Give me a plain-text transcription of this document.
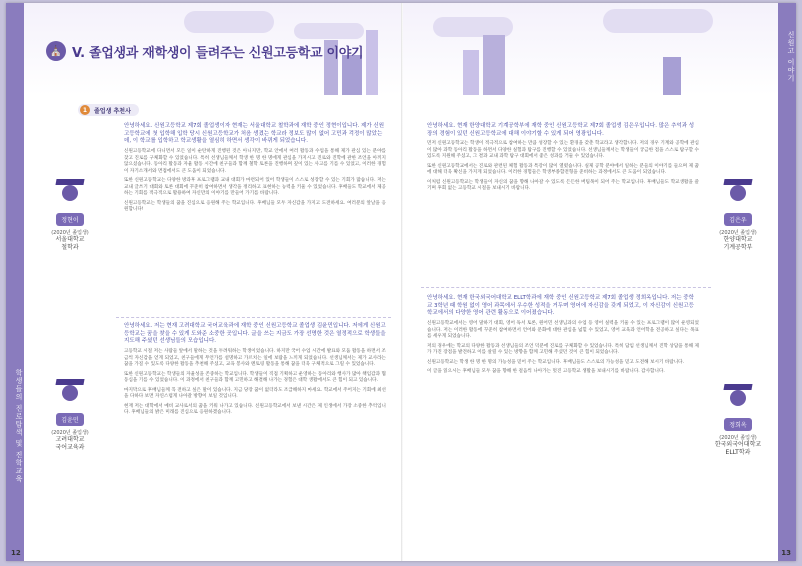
학생들의 진로탐색 및 진학교육
⛪ V. 졸업생과 재학생이 들려주는 신원고등학교 이야기
1	졸업생 추천사
정현이
(2020년 졸업생)
서울대학교
철학과

안녕하세요. 신원고등학교 제7회 졸업생이자 현재는 서울대학교 철학과에 재학 중인 정현이입니다. 제가 신원고등학교에 첫 입학해 입학 당시 신원고등학교가 처음 생겼는 학교라 정보도 많이 없어 고민과 걱정이 많았는데, 이 학교를 입학하고 학교생활을 열심히 하면서 생각이 바뀌게 되었습니다.

신원고등학교에 다니면서 모든 일이 순탄하게 진행된 것은 아니지만, 학교 안에서 여러 활동과 수업을 통해 제가 관심 있는 분야를 찾고 진로를 구체화할 수 있었습니다. 특히 선생님들께서 학생 한 명 한 명에게 관심을 가지시고 진로와 진학에 관한 조언을 아끼지 않으셨습니다. 동아리 활동과 자율 활동 시간에 친구들과 함께 철학 토론을 진행하며 깊이 있는 사고를 기를 수 있었고, 이러한 경험이 자기소개서와 면접에서도 큰 도움이 되었습니다.

또한 신원고등학교는 다양한 방과후 프로그램과 교내 대회가 마련되어 있어 학생들이 스스로 성장할 수 있는 기회가 많습니다. 저는 교내 글쓰기 대회와 토론 대회에 꾸준히 참여하면서 생각을 정리하고 표현하는 능력을 키울 수 있었습니다. 후배들도 학교에서 제공하는 기회를 적극적으로 활용하여 자신만의 이야기를 만들어 가기를 바랍니다.

신원고등학교는 학생들의 꿈을 진심으로 응원해 주는 학교입니다. 후배님들 모두 자신감을 가지고 도전하세요. 여러분의 앞날을 응원합니다!

김윤민
(2020년 졸업생)
고려대학교
국어교육과

안녕하세요. 저는 현재 고려대학교 국어교육과에 재학 중인 신원고등학교 졸업생 김윤민입니다. 저에게 신원고등학교는 꿈을 찾을 수 있게 도와준 소중한 곳입니다. 글을 쓰는 지금도 가장 선명한 것은 열정적으로 학생들을 지도해 주셨던 선생님들의 모습입니다.

고등학교 시절 저는 사람들 앞에서 말하는 것을 두려워하는 학생이었습니다. 하지만 국어 수업 시간에 발표와 모둠 활동을 하면서 조금씩 자신감을 얻게 되었고, 친구들에게 무언가를 설명하고 가르치는 일에 보람을 느끼게 되었습니다. 선생님께서는 제가 교사라는 꿈을 가질 수 있도록 다양한 활동을 추천해 주셨고, 교육 봉사와 멘토링 활동을 통해 꿈을 더욱 구체적으로 그릴 수 있었습니다.

또한 신원고등학교는 학생들의 자율성을 존중하는 학교입니다. 학생들이 직접 기획하고 운영하는 동아리와 행사가 많아 책임감과 협동심을 기를 수 있었습니다. 이 과정에서 친구들과 함께 고민하고 해결해 나가는 경험은 대학 생활에서도 큰 힘이 되고 있습니다.

마지막으로 후배님들께 꼭 전하고 싶은 말이 있습니다. 지금 당장 꿈이 없더라도 조급해하지 마세요. 학교에서 주어지는 기회에 최선을 다하다 보면 자연스럽게 나아갈 방향이 보일 것입니다.

현재 저는 대학에서 예비 교사로서의 꿈을 키워 나가고 있습니다. 신원고등학교에서 보낸 시간은 제 인생에서 가장 소중한 추억입니다. 후배님들의 밝은 미래를 진심으로 응원하겠습니다.

12

안녕하세요. 현재 한양대학교 기계공학부에 재학 중인 신원고등학교 제7회 졸업생 김은우입니다. 많은 추억과 성장의 경험이 있던 신원고등학교에 대해 이야기할 수 있게 되어 영광입니다.

먼저 신원고등학교는 학생이 적극적으로 참여하는 만큼 성장할 수 있는 환경을 갖춘 학교라고 생각합니다. 저의 경우 기계와 공학에 관심이 많아 과학 동아리 활동을 하면서 다양한 실험과 탐구를 진행할 수 있었습니다. 선생님들께서는 학생들이 궁금한 점을 스스로 탐구할 수 있도록 지원해 주셨고, 그 결과 교내 과학 탐구 대회에서 좋은 성과를 거둘 수 있었습니다.

또한 신원고등학교에서는 진로와 관련된 체험 활동과 특강이 많이 열렸습니다. 실제 공학 분야에서 일하는 분들의 이야기를 들으며 제 꿈에 대해 더욱 확신을 가지게 되었습니다. 이러한 경험들은 학생부종합전형을 준비하는 과정에서도 큰 도움이 되었습니다.

이처럼 신원고등학교는 학생들이 자신의 꿈을 향해 나아갈 수 있도록 든든한 버팀목이 되어 주는 학교입니다. 후배님들도 학교생활을 즐기며 후회 없는 고등학교 시절을 보내시기 바랍니다.

김은우
(2020년 졸업생)
한양대학교
기계공학부

안녕하세요. 현재 한국외국어대학교 ELLT학과에 재학 중인 신원고등학교 제7회 졸업생 정희옥입니다. 저는 중학교 3학년 때 학원 없이 영어 과목에서 우수한 성적을 거두며 영어에 자신감을 갖게 되었고, 이 자신감이 신원고등학교에서의 다양한 영어 관련 활동으로 이어졌습니다.

신원고등학교에서는 영어 말하기 대회, 영어 독서 토론, 원어민 선생님과의 수업 등 영어 실력을 키울 수 있는 프로그램이 많이 운영되었습니다. 저는 이러한 활동에 꾸준히 참여하면서 언어와 문화에 대한 관심을 넓힐 수 있었고, 영어 교육과 언어학을 전공하고 싶다는 목표를 세우게 되었습니다.

저의 경우에는 학교의 다양한 활동과 선생님들의 조언 덕분에 진로를 구체화할 수 있었습니다. 특히 담임 선생님께서 진학 상담을 통해 제가 가진 장점을 발견하고 이를 살릴 수 있는 방향을 함께 고민해 주셨던 것이 큰 힘이 되었습니다.

신원고등학교는 학생 한 명 한 명의 가능성을 믿어 주는 학교입니다. 후배님들도 스스로의 가능성을 믿고 도전해 보시기 바랍니다.

이 글을 읽으시는 후배님들 모두 꿈을 향해 한 걸음씩 나아가는 멋진 고등학교 생활을 보내시기를 바랍니다. 감사합니다.

정희옥
(2020년 졸업생)
한국외국어대학교
ELLT학과
신원고 이야기
13
